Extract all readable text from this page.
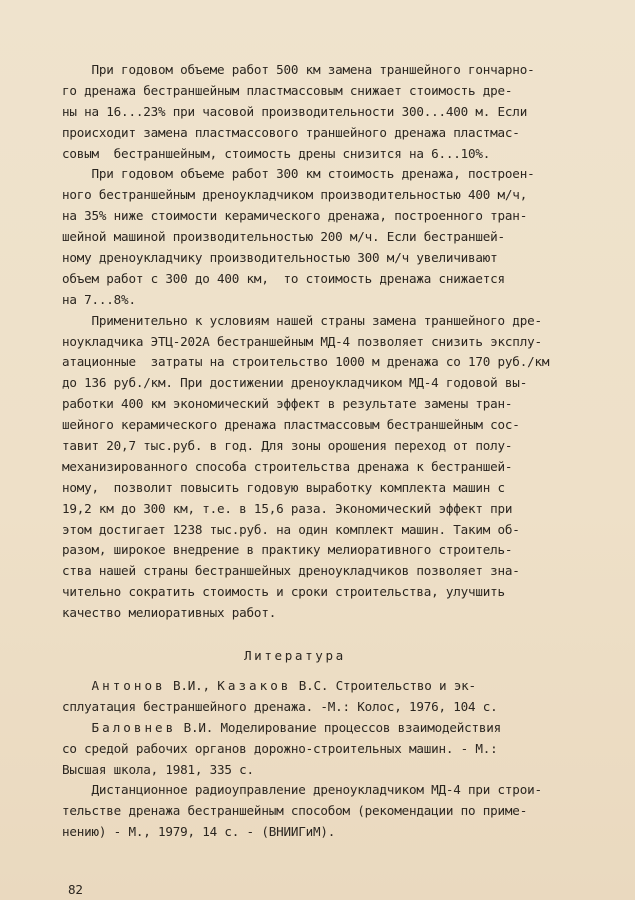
При годовом объеме работ 500 км замена траншейного гончарно-
го дренажа бестраншейным пластмассовым снижает стоимость дре-
ны на 16...23% при часовой производительности 300...400 м. Если
происходит замена пластмассового траншейного дренажа пластмас-
совым  бестраншейным, стоимость дрены снизится на 6...10%.
При годовом объеме работ 300 км стоимость дренажа, построен-
ного бестраншейным дреноукладчиком производительностью 400 м/ч,
на 35% ниже стоимости керамического дренажа, построенного тран-
шейной машиной производительностью 200 м/ч. Если бестраншей-
ному дреноукладчику производительностью 300 м/ч увеличивают
объем работ с 300 до 400 км,  то стоимость дренажа снижается
на 7...8%.
Применительно к условиям нашей страны замена траншейного дре-
ноукладчика ЭТЦ-202А бестраншейным МД-4 позволяет снизить эксплу-
атационные  затраты на строительство 1000 м дренажа со 170 руб./км
до 136 руб./км. При достижении дреноукладчиком МД-4 годовой вы-
работки 400 км экономический эффект в результате замены тран-
шейного керамического дренажа пластмассовым бестраншейным сос-
тавит 20,7 тыс.руб. в год. Для зоны орошения переход от полу-
механизированного способа строительства дренажа к бестраншей-
ному,  позволит повысить годовую выработку комплекта машин с
19,2 км до 300 км, т.е. в 15,6 раза. Экономический эффект при
этом достигает 1238 тыс.руб. на один комплект машин. Таким об-
разом, широкое внедрение в практику мелиоративного строитель-
ства нашей страны бестраншейных дреноукладчиков позволяет зна-
чительно сократить стоимость и сроки строительства, улучшить
качество мелиоративных работ.
Литература
Антонов В.И., Казаков В.С. Строительство и эк-
сплуатация бестраншейного дренажа. -М.: Колос, 1976, 104 с.
Баловнев В.И. Моделирование процессов взаимодействия
со средой рабочих органов дорожно-строительных машин. - М.:
Высшая школа, 1981, 335 с.
Дистанционное радиоуправление дреноукладчиком МД-4 при строи-
тельстве дренажа бестраншейным способом (рекомендации по приме-
нению) - М., 1979, 14 с. - (ВНИИГиМ).
82
